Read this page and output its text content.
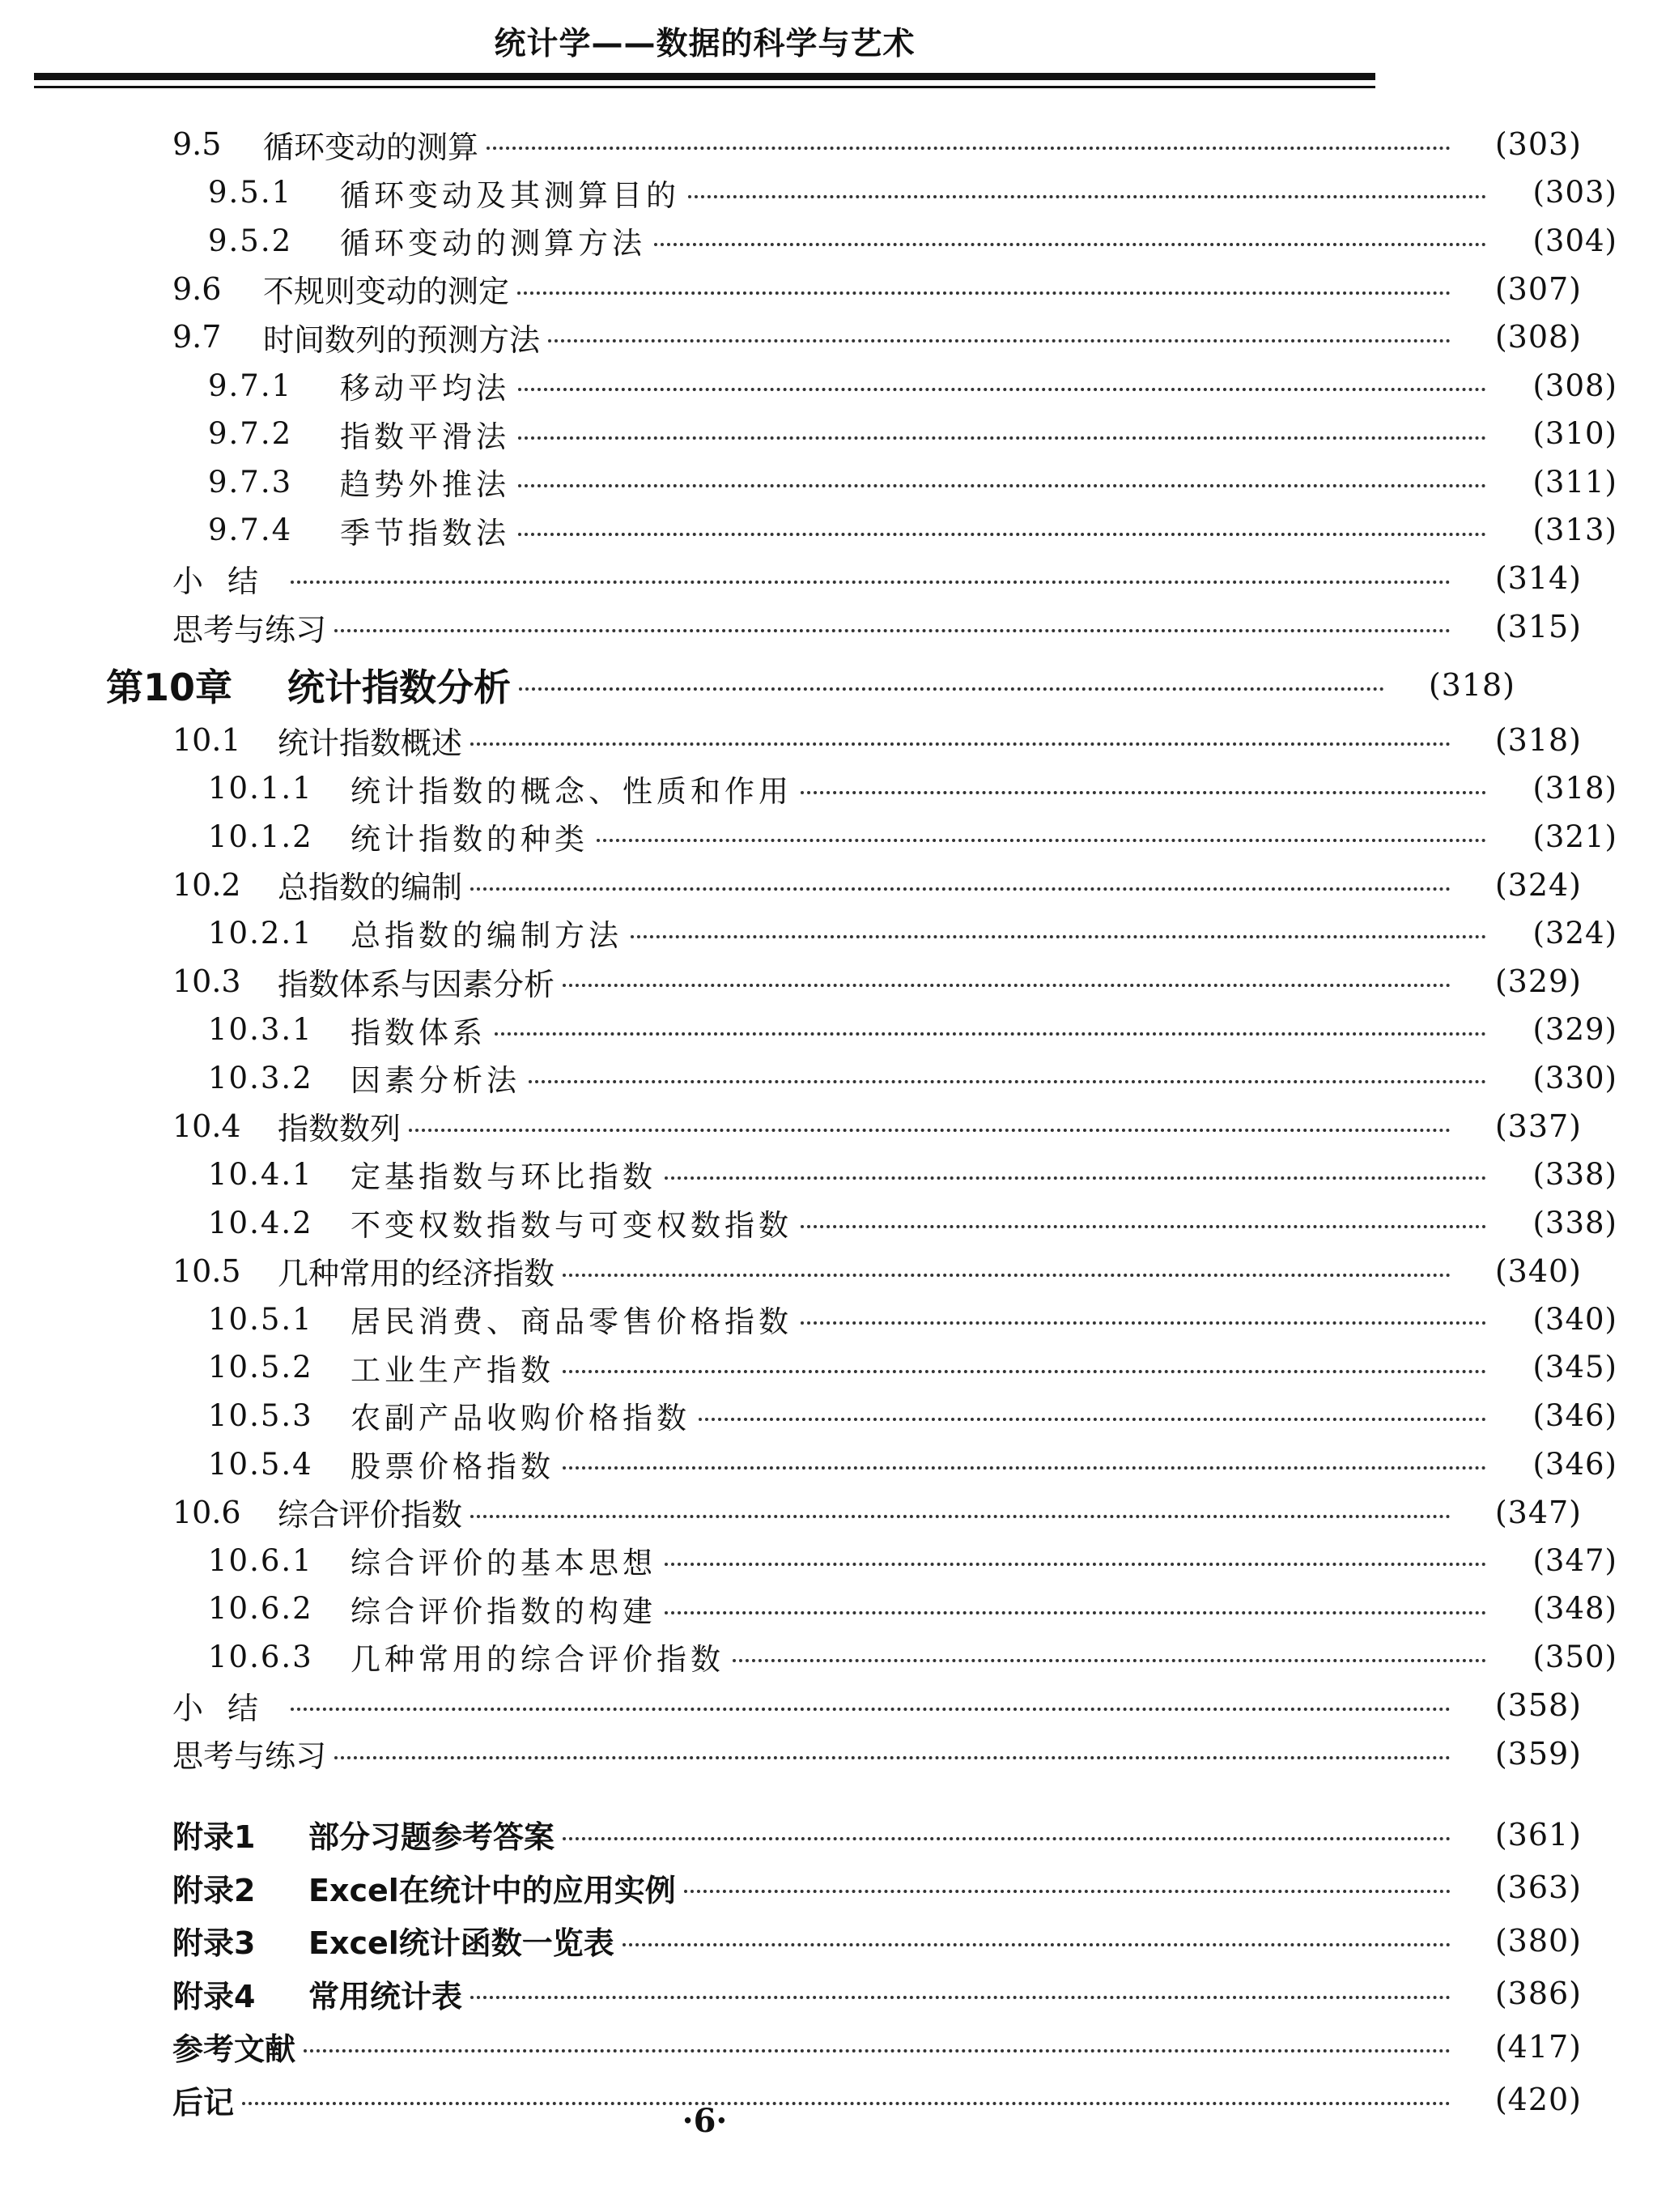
统计学——数据的科学与艺术
9.5	循环变动的测算	(303)
9.5.1	循环变动及其测算目的	(303)
9.5.2	循环变动的测算方法	(304)
9.6	不规则变动的测定	(307)
9.7	时间数列的预测方法	(308)
9.7.1	移动平均法	(308)
9.7.2	指数平滑法	(310)
9.7.3	趋势外推法	(311)
9.7.4	季节指数法	(313)
小结	(314)
思考与练习	(315)
第10章	统计指数分析	(318)
10.1	统计指数概述	(318)
10.1.1	统计指数的概念、性质和作用	(318)
10.1.2	统计指数的种类	(321)
10.2	总指数的编制	(324)
10.2.1	总指数的编制方法	(324)
10.3	指数体系与因素分析	(329)
10.3.1	指数体系	(329)
10.3.2	因素分析法	(330)
10.4	指数数列	(337)
10.4.1	定基指数与环比指数	(338)
10.4.2	不变权数指数与可变权数指数	(338)
10.5	几种常用的经济指数	(340)
10.5.1	居民消费、商品零售价格指数	(340)
10.5.2	工业生产指数	(345)
10.5.3	农副产品收购价格指数	(346)
10.5.4	股票价格指数	(346)
10.6	综合评价指数	(347)
10.6.1	综合评价的基本思想	(347)
10.6.2	综合评价指数的构建	(348)
10.6.3	几种常用的综合评价指数	(350)
小结	(358)
思考与练习	(359)
附录1	部分习题参考答案	(361)
附录2	Excel在统计中的应用实例	(363)
附录3	Excel统计函数一览表	(380)
附录4	常用统计表	(386)
参考文献	(417)
后记	(420)
·6·
